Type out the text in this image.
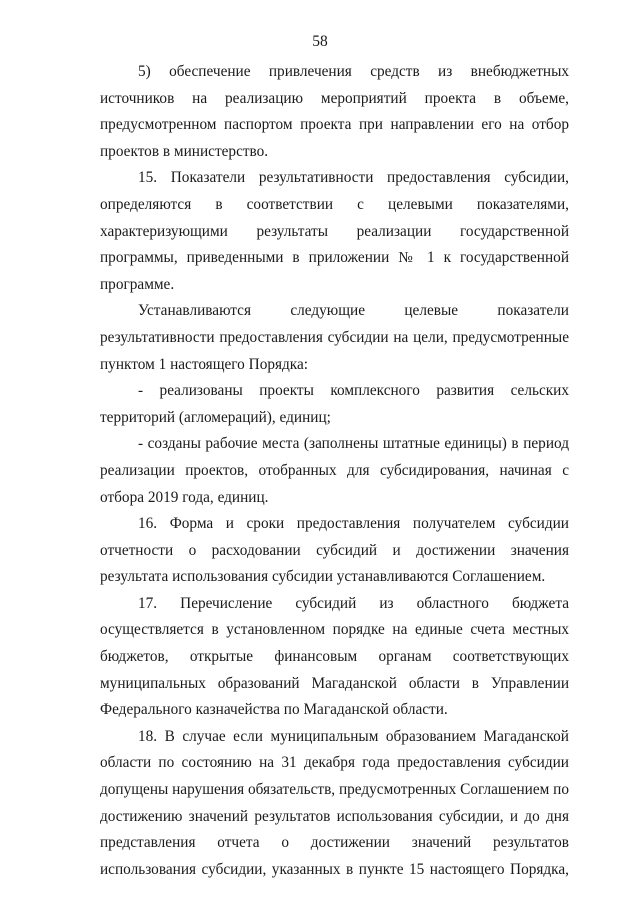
58

5) обеспечение привлечения средств из внебюджетных источников на реализацию мероприятий проекта в объеме, предусмотренном паспортом проекта при направлении его на отбор проектов в министерство.

15. Показатели результативности предоставления субсидии, определяются в соответствии с целевыми показателями, характеризующими результаты реализации государственной программы, приведенными в приложении № 1 к государственной программе.

Устанавливаются следующие целевые показатели результативности предоставления субсидии на цели, предусмотренные пунктом 1 настоящего Порядка:

- реализованы проекты комплексного развития сельских территорий (агломераций), единиц;

- созданы рабочие места (заполнены штатные единицы) в период реализации проектов, отобранных для субсидирования, начиная с отбора 2019 года, единиц.

16. Форма и сроки предоставления получателем субсидии отчетности о расходовании субсидий и достижении значения результата использования субсидии устанавливаются Соглашением.

17. Перечисление субсидий из областного бюджета осуществляется в установленном порядке на единые счета местных бюджетов, открытые финансовым органам соответствующих муниципальных образований Магаданской области в Управлении Федерального казначейства по Магаданской области.

18. В случае если муниципальным образованием Магаданской области по состоянию на 31 декабря года предоставления субсидии допущены нарушения обязательств, предусмотренных Соглашением по достижению значений результатов использования субсидии, и до дня представления отчета о достижении значений результатов использования субсидии, указанных в пункте 15 настоящего Порядка,
